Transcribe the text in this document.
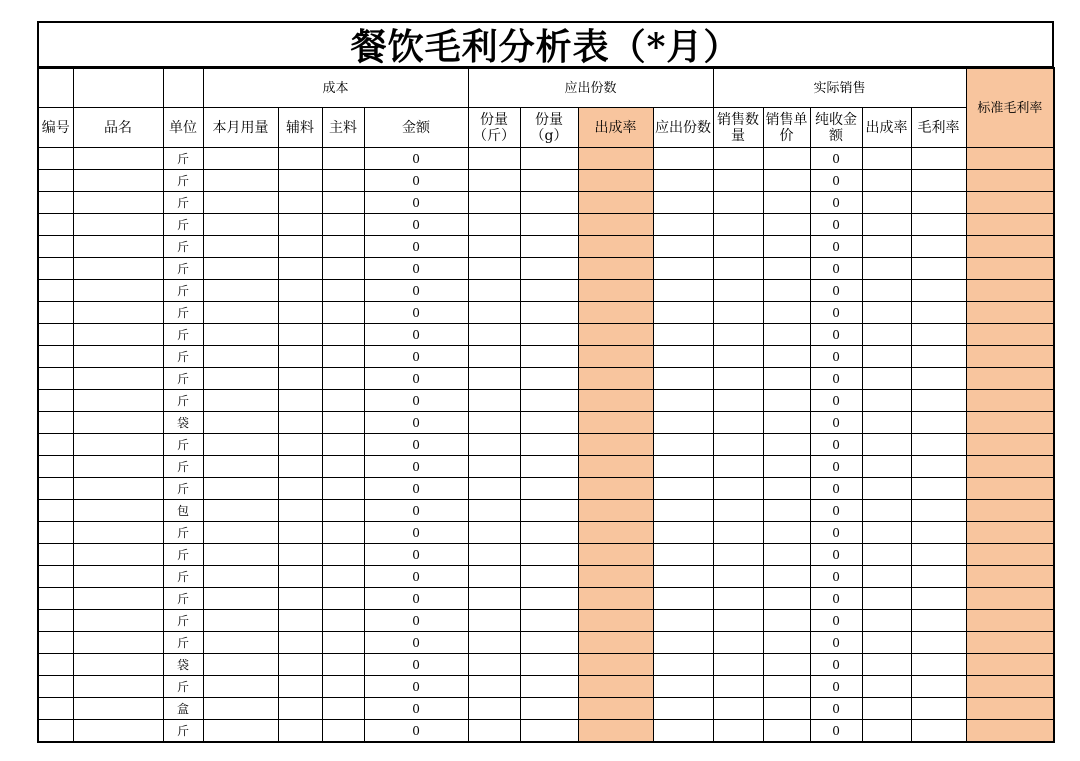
餐饮毛利分析表（*月）
			成本				应出份数				实际销售					标准毛利率
编号	品名	单位	本月用量	辅料	主料	金额	份量（斤）	份量（g）	出成率	应出份数	销售数量	销售单价	纯收金额	出成率	毛利率	
		斤				0							0			
		斤				0							0			
		斤				0							0			
		斤				0							0			
		斤				0							0			
		斤				0							0			
		斤				0							0			
		斤				0							0			
		斤				0							0			
		斤				0							0			
		斤				0							0			
		斤				0							0			
		袋				0							0			
		斤				0							0			
		斤				0							0			
		斤				0							0			
		包				0							0			
		斤				0							0			
		斤				0							0			
		斤				0							0			
		斤				0							0			
		斤				0							0			
		斤				0							0			
		袋				0							0			
		斤				0							0			
		盒				0							0			
		斤				0							0			
